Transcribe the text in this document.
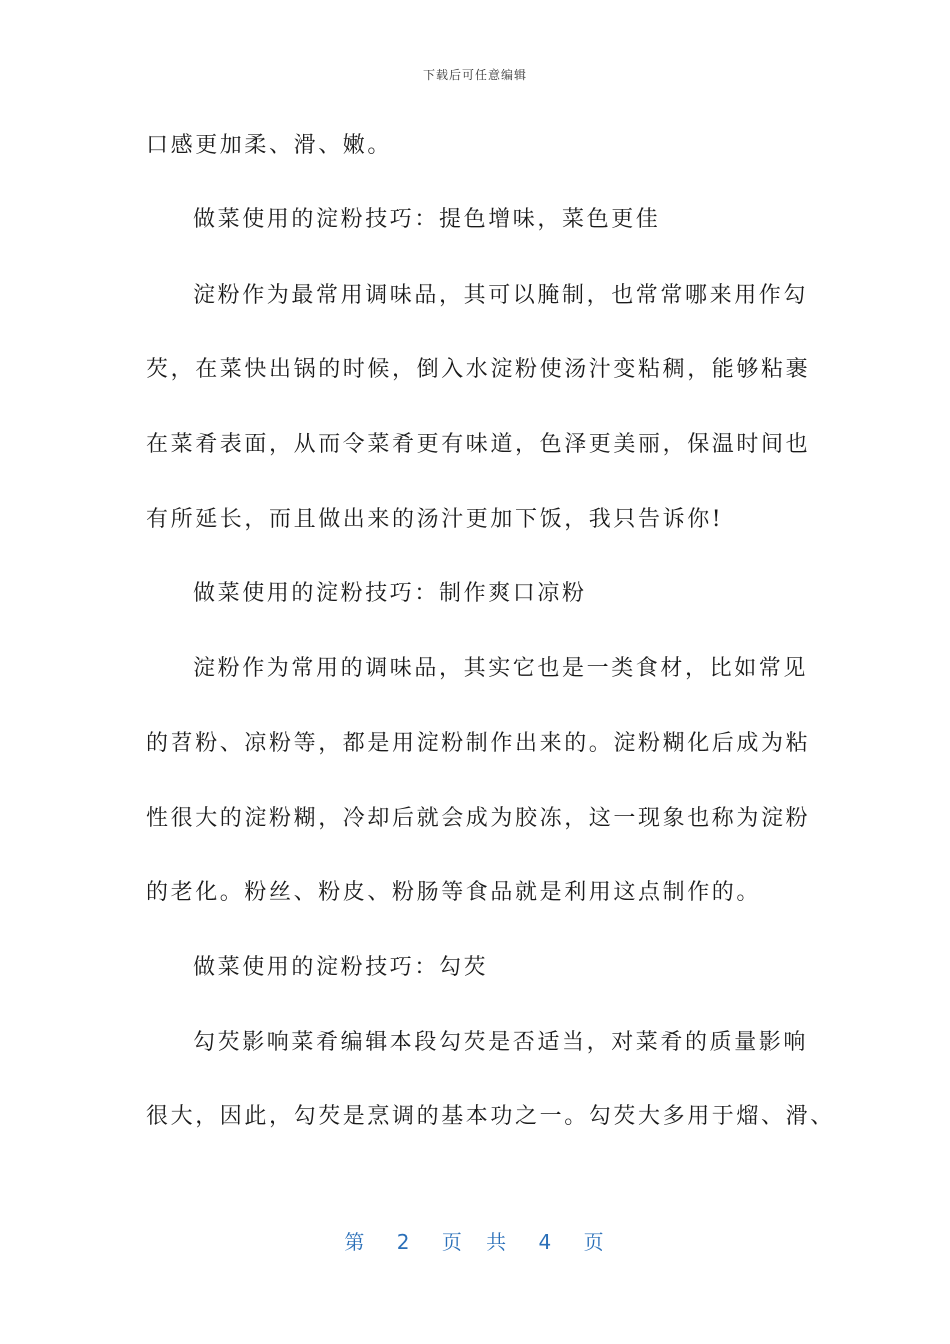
下载后可任意编辑
口感更加柔、滑、嫩。
做菜使用的淀粉技巧：提色增味，菜色更佳
淀粉作为最常用调味品，其可以腌制，也常常哪来用作勾
芡，在菜快出锅的时候，倒入水淀粉使汤汁变粘稠，能够粘裹
在菜肴表面，从而令菜肴更有味道，色泽更美丽，保温时间也
有所延长，而且做出来的汤汁更加下饭，我只告诉你!
做菜使用的淀粉技巧：制作爽口凉粉
淀粉作为常用的调味品，其实它也是一类食材，比如常见
的苕粉、凉粉等，都是用淀粉制作出来的。淀粉糊化后成为粘
性很大的淀粉糊，冷却后就会成为胶冻，这一现象也称为淀粉
的老化。粉丝、粉皮、粉肠等食品就是利用这点制作的。
做菜使用的淀粉技巧：勾芡
勾芡影响菜肴编辑本段勾芡是否适当，对菜肴的质量影响
很大，因此，勾芡是烹调的基本功之一。勾芡大多用于熘、滑、
第 2 页 共 4 页
